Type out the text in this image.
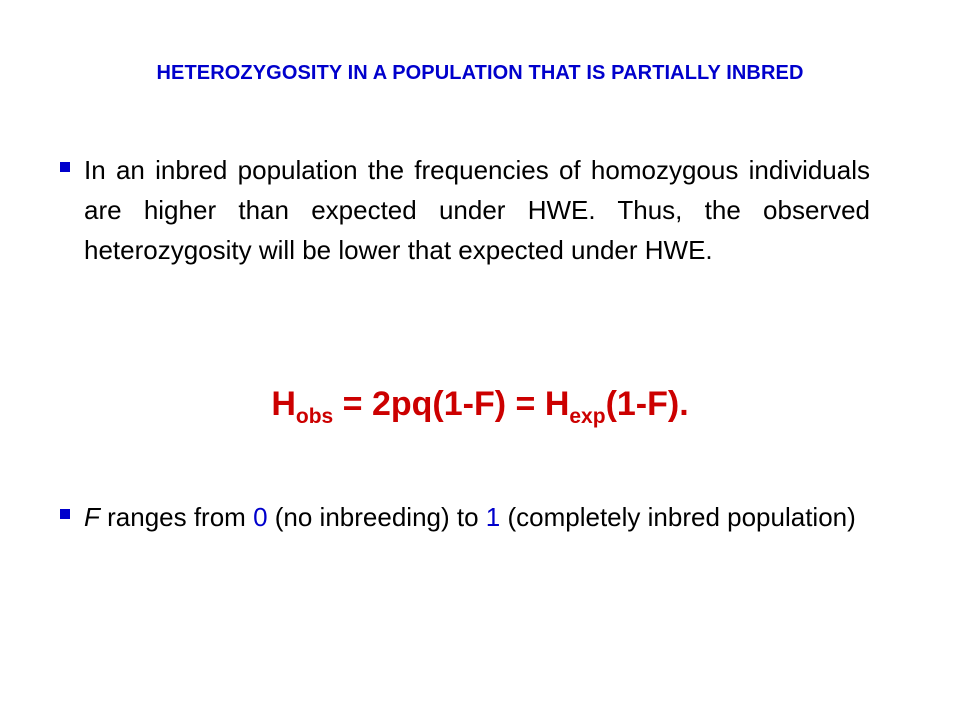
HETEROZYGOSITY IN A POPULATION THAT IS PARTIALLY INBRED
In an inbred population the frequencies of homozygous individuals are higher than expected under HWE. Thus, the observed heterozygosity will be lower that expected under HWE.
$H_{obs} = 2pq(1-F) = H_{exp}(1-F)$.
F ranges from 0 (no inbreeding) to 1 (completely inbred population)
